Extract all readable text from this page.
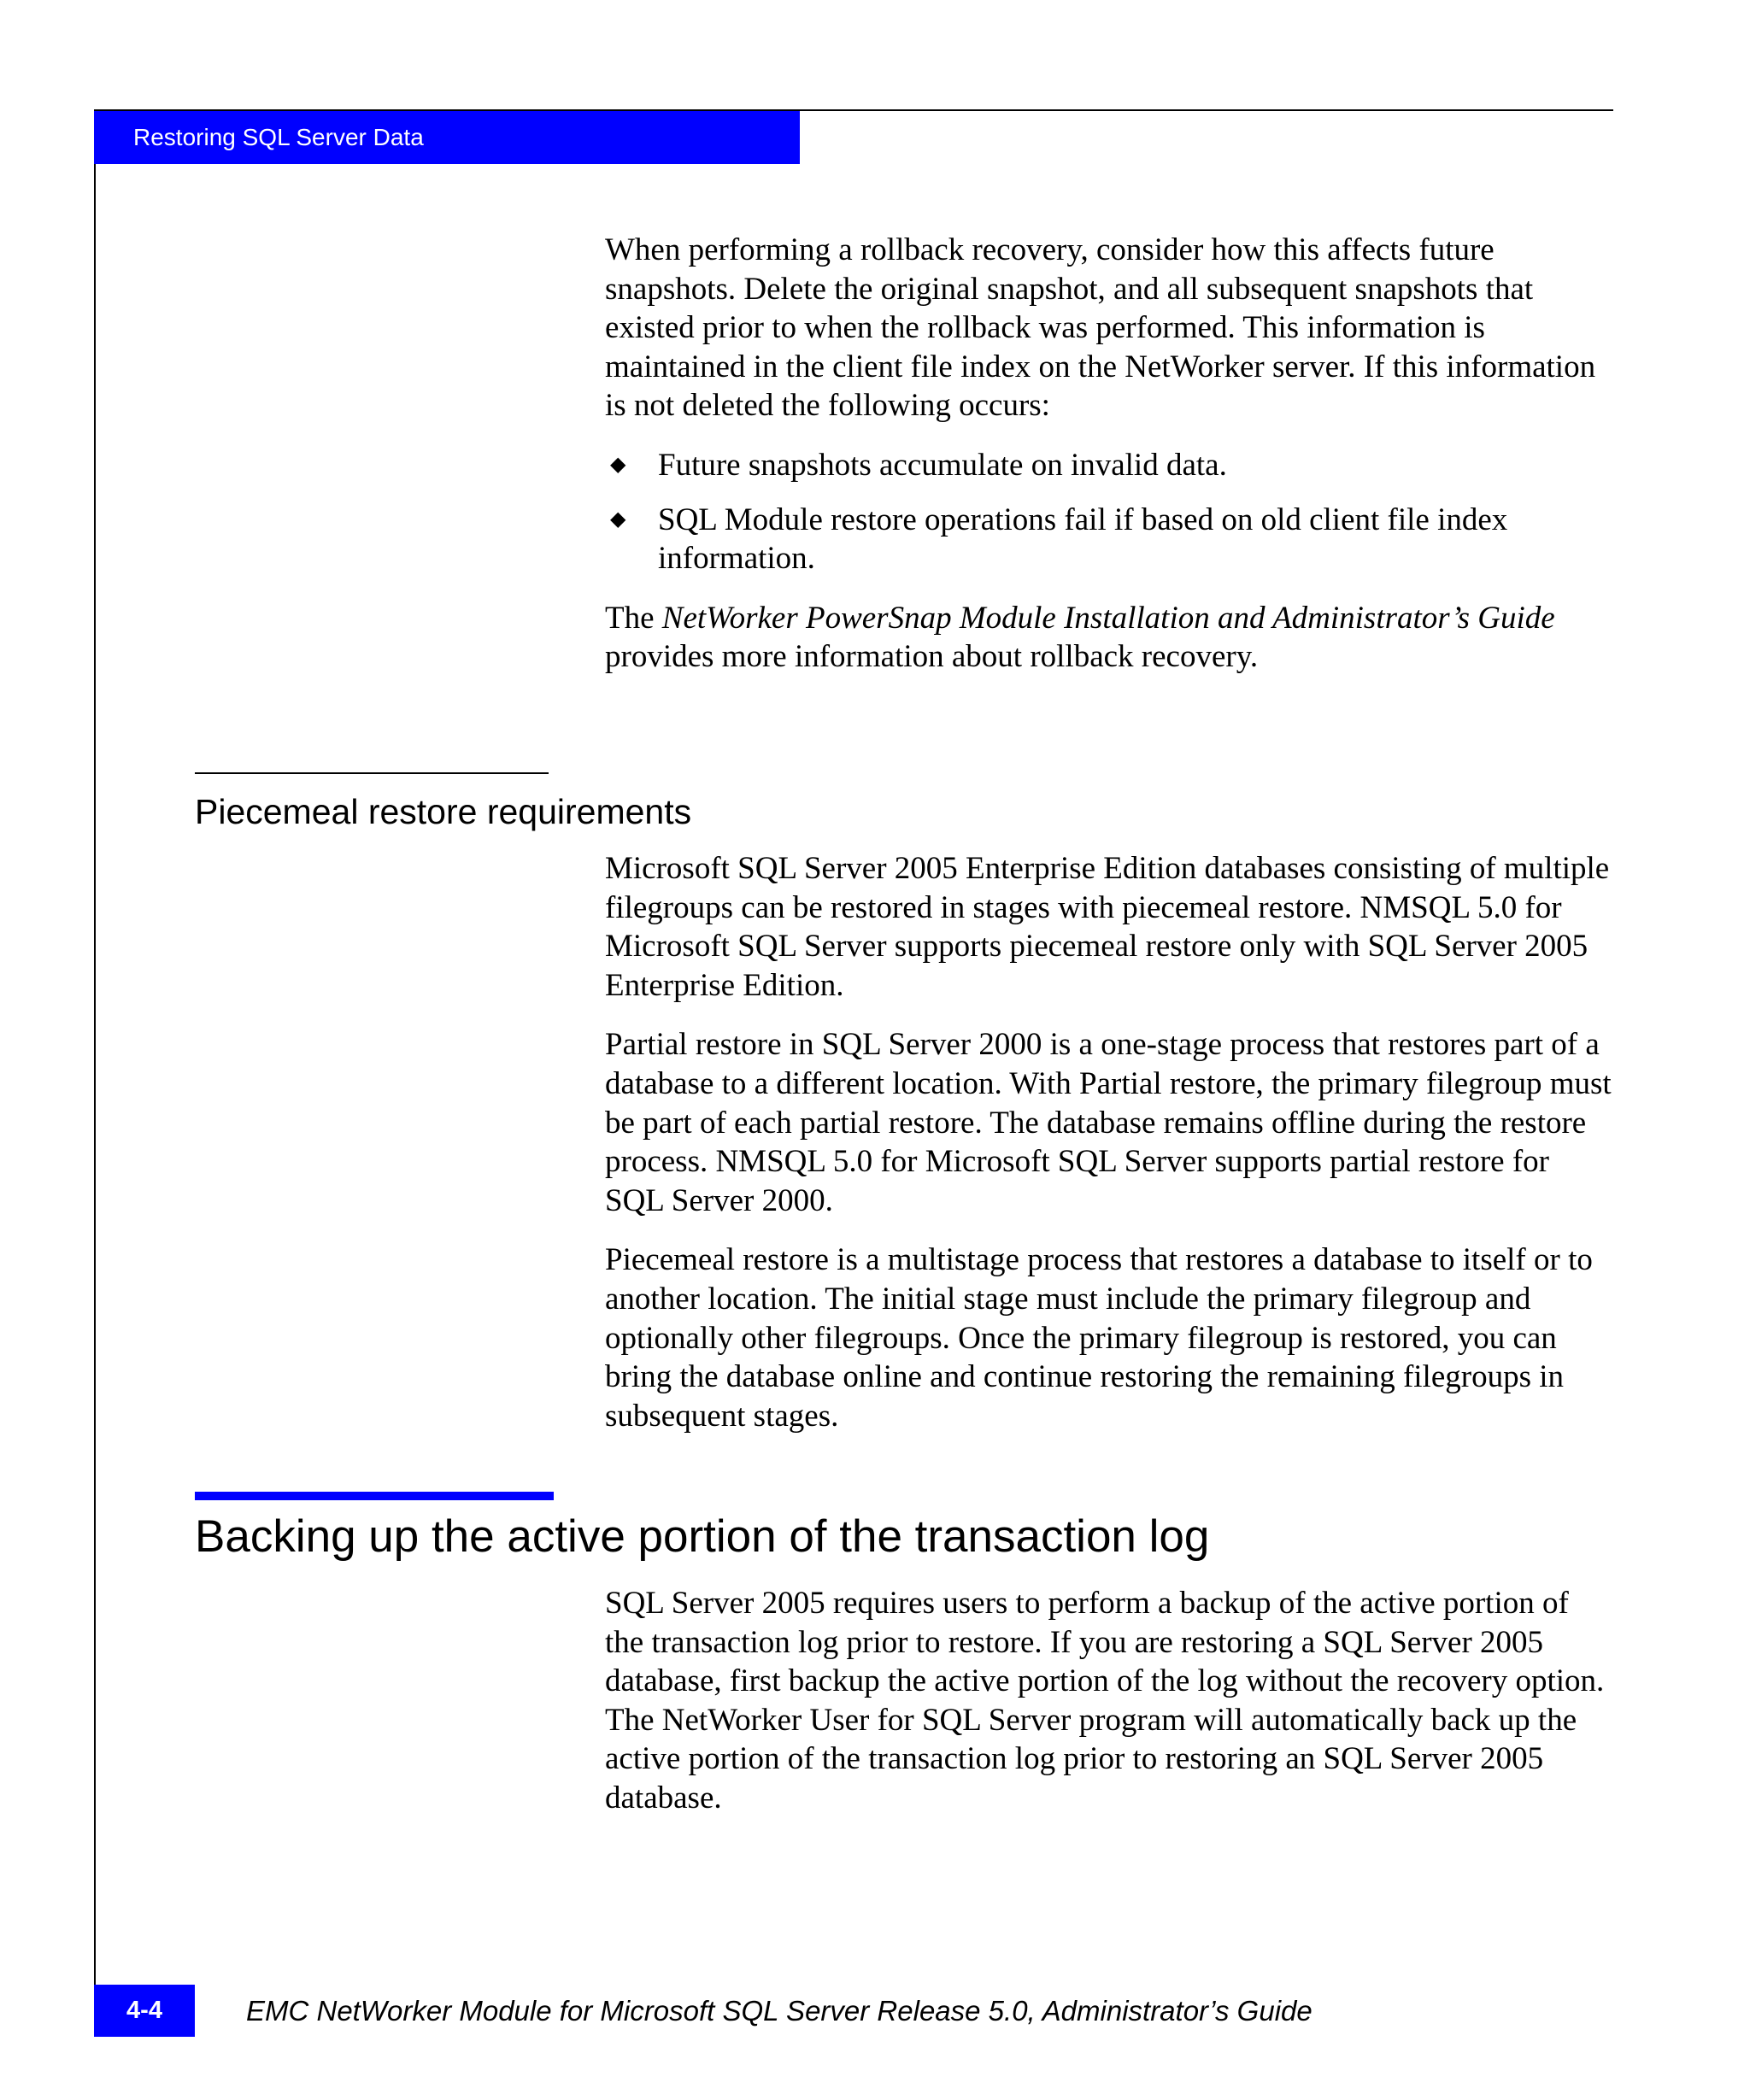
Restoring SQL Server Data

When performing a rollback recovery, consider how this affects future snapshots. Delete the original snapshot, and all subsequent snapshots that existed prior to when the rollback was performed. This information is maintained in the client file index on the NetWorker server. If this information is not deleted the following occurs:

◆ Future snapshots accumulate on invalid data.
◆ SQL Module restore operations fail if based on old client file index information.

The NetWorker PowerSnap Module Installation and Administrator’s Guide provides more information about rollback recovery.

Piecemeal restore requirements

Microsoft SQL Server 2005 Enterprise Edition databases consisting of multiple filegroups can be restored in stages with piecemeal restore. NMSQL 5.0 for Microsoft SQL Server supports piecemeal restore only with SQL Server 2005 Enterprise Edition.

Partial restore in SQL Server 2000 is a one-stage process that restores part of a database to a different location. With Partial restore, the primary filegroup must be part of each partial restore. The database remains offline during the restore process. NMSQL 5.0 for Microsoft SQL Server supports partial restore for SQL Server 2000.

Piecemeal restore is a multistage process that restores a database to itself or to another location. The initial stage must include the primary filegroup and optionally other filegroups. Once the primary filegroup is restored, you can bring the database online and continue restoring the remaining filegroups in subsequent stages.

Backing up the active portion of the transaction log

SQL Server 2005 requires users to perform a backup of the active portion of the transaction log prior to restore. If you are restoring a SQL Server 2005 database, first backup the active portion of the log without the recovery option. The NetWorker User for SQL Server program will automatically back up the active portion of the transaction log prior to restoring an SQL Server 2005 database.

4-4	EMC NetWorker Module for Microsoft SQL Server Release 5.0, Administrator’s Guide
